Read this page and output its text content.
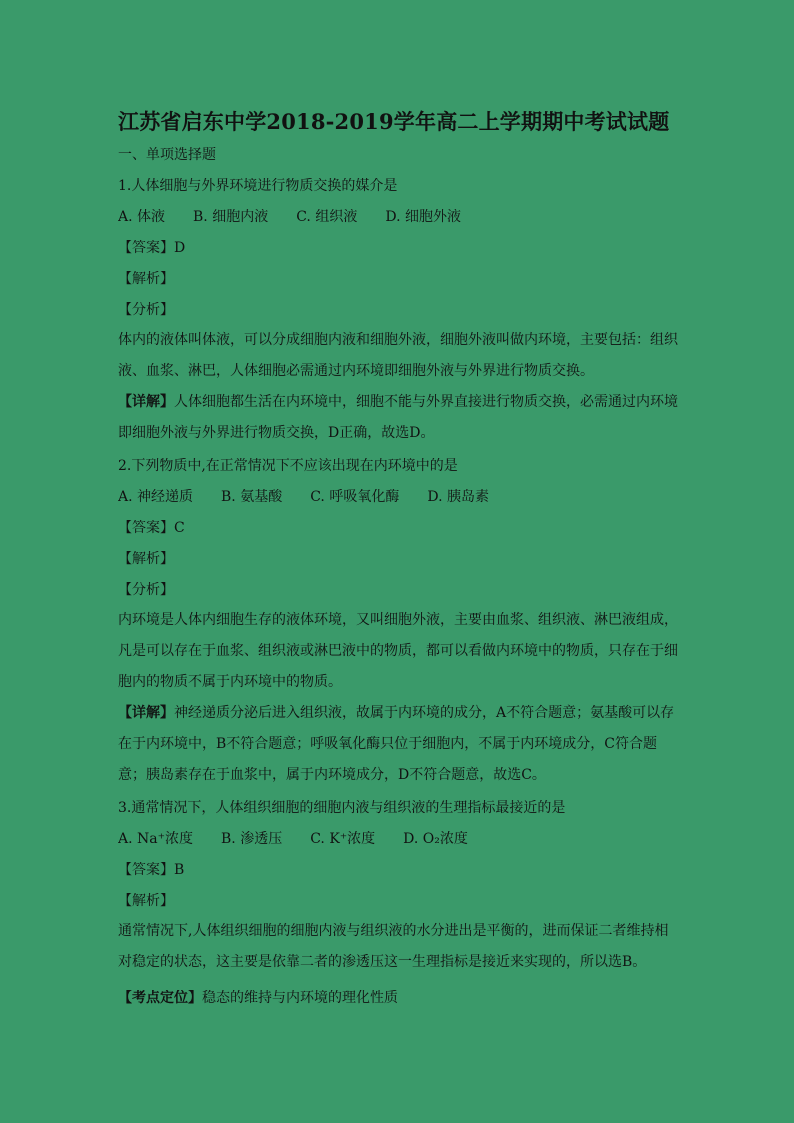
江苏省启东中学2018-2019学年高二上学期期中考试试题
一、单项选择题
1.人体细胞与外界环境进行物质交换的媒介是
A. 体液 B. 细胞内液 C. 组织液 D. 细胞外液
【答案】D
【解析】
【分析】
体内的液体叫体液，可以分成细胞内液和细胞外液，细胞外液叫做内环境，主要包括：组织液、血浆、淋巴，人体细胞必需通过内环境即细胞外液与外界进行物质交换。
【详解】人体细胞都生活在内环境中，细胞不能与外界直接进行物质交换，必需通过内环境即细胞外液与外界进行物质交换，D正确，故选D。
2.下列物质中,在正常情况下不应该出现在内环境中的是
A. 神经递质 B. 氨基酸 C. 呼吸氧化酶 D. 胰岛素
【答案】C
【解析】
【分析】
内环境是人体内细胞生存的液体环境，又叫细胞外液，主要由血浆、组织液、淋巴液组成，凡是可以存在于血浆、组织液或淋巴液中的物质，都可以看做内环境中的物质，只存在于细胞内的物质不属于内环境中的物质。
【详解】神经递质分泌后进入组织液，故属于内环境的成分，A不符合题意；氨基酸可以存在于内环境中，B不符合题意；呼吸氧化酶只位于细胞内，不属于内环境成分，C符合题意；胰岛素存在于血浆中，属于内环境成分，D不符合题意，故选C。
3.通常情况下，人体组织细胞的细胞内液与组织液的生理指标最接近的是
A. Na⁺浓度 B. 渗透压 C. K⁺浓度 D. O₂浓度
【答案】B
【解析】
通常情况下,人体组织细胞的细胞内液与组织液的水分进出是平衡的，进而保证二者维持相对稳定的状态，这主要是依靠二者的渗透压这一生理指标是接近来实现的，所以选B。
【考点定位】稳态的维持与内环境的理化性质
